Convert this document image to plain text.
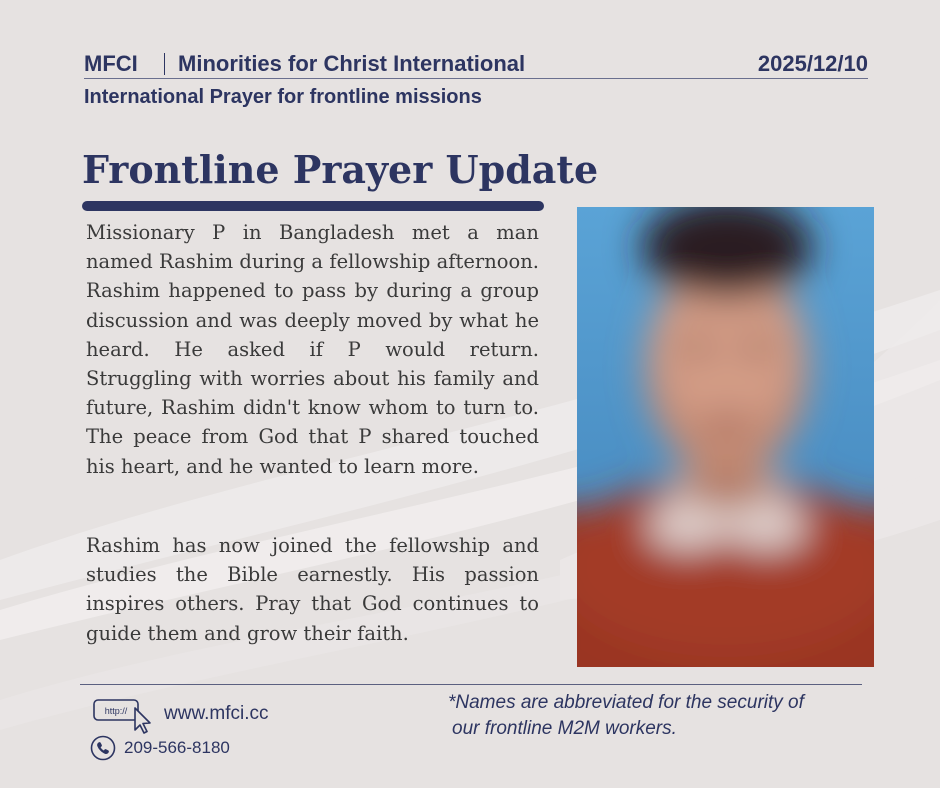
MFCI Minorities for Christ International	2025/12/10
International Prayer for frontline missions
Frontline Prayer Update

Missionary P in Bangladesh met a man named Rashim during a fellowship afternoon. Rashim happened to pass by during a group discussion and was deeply moved by what he heard. He asked if P would return. Struggling with worries about his family and future, Rashim didn't know whom to turn to. The peace from God that P shared touched his heart, and he wanted to learn more.

Rashim has now joined the fellowship and studies the Bible earnestly. His passion inspires others. Pray that God continues to guide them and grow their faith.

http:// www.mfci.cc
209-566-8180
*Names are abbreviated for the security of
our frontline M2M workers.
